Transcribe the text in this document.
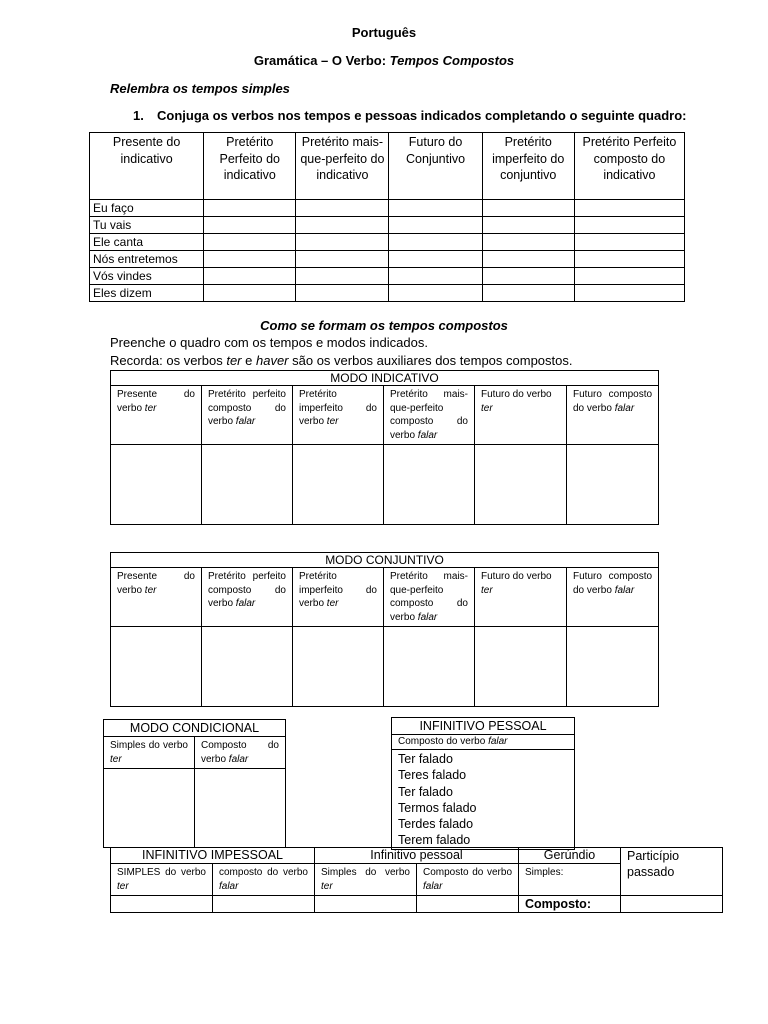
Português
Gramática – O Verbo: Tempos Compostos
Relembra os tempos simples
1. Conjuga os verbos nos tempos e pessoas indicados completando o seguinte quadro:
Presente do indicativo	Pretérito Perfeito do indicativo	Pretérito mais-que-perfeito do indicativo	Futuro do Conjuntivo	Pretérito imperfeito do conjuntivo	Pretérito Perfeito composto do indicativo
Eu faço					
Tu vais					
Ele canta					
Nós entretemos					
Vós vindes					
Eles dizem					
Como se formam os tempos compostos
Preenche o quadro com os tempos e modos indicados.
Recorda: os verbos ter e haver são os verbos auxiliares dos tempos compostos.
MODO INDICATIVO					
Presente do verbo ter	Pretérito perfeito composto do verbo falar	Pretérito imperfeito do verbo ter	Pretérito mais-que-perfeito composto do verbo falar	Futuro do verbo ter	Futuro composto do verbo falar

MODO CONJUNTIVO					
Presente do verbo ter	Pretérito perfeito composto do verbo falar	Pretérito imperfeito do verbo ter	Pretérito mais-que-perfeito composto do verbo falar	Futuro do verbo ter	Futuro composto do verbo falar

MODO CONDICIONAL	
Simples do verbo ter	Composto do verbo falar

INFINITIVO PESSOAL
Composto do verbo falar

Ter falado
Teres falado
Ter falado
Termos falado
Terdes falado
Terem falado
INFINITIVO IMPESSOAL		Infinitivo pessoal		Gerúndio	Particípio passado
SIMPLES do verbo ter	composto do verbo falar	Simples do verbo ter	Composto do verbo falar	Simples:	
				Composto:	
